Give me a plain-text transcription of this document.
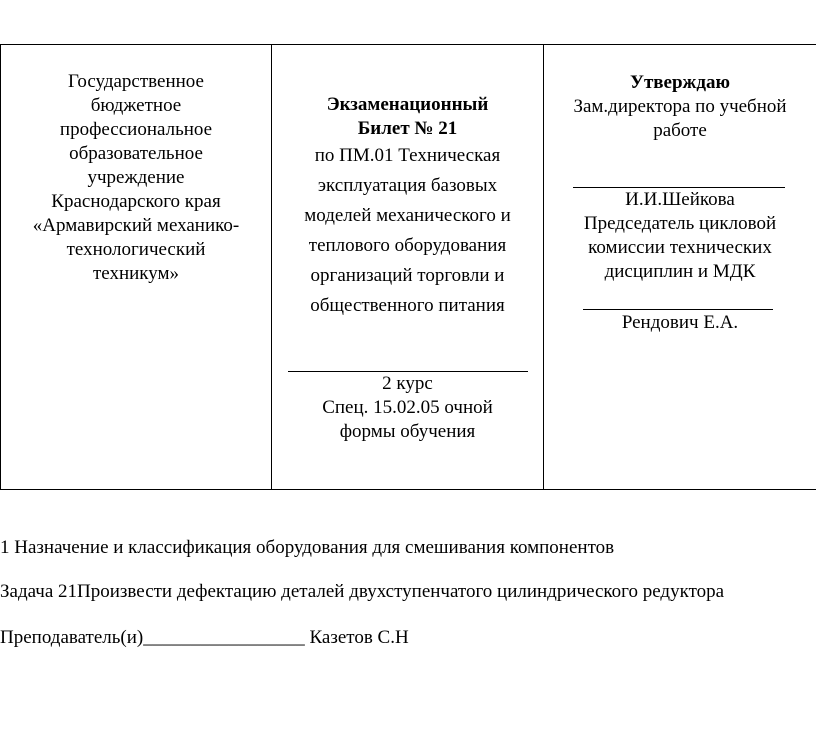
Государственное
бюджетное
профессиональное
образовательное
учреждение
Краснодарского края
«Армавирский механико-
технологический
техникум»
Экзаменационный
Билет № 21
по ПМ.01 Техническая
эксплуатация базовых
моделей механического и
теплового оборудования
организаций торговли и
общественного питания
2 курс
Спец. 15.02.05 очной
формы обучения
Утверждаю
Зам.директора по учебной
работе
И.И.Шейкова
Председатель цикловой
комиссии технических
дисциплин и МДК
Рендович Е.А.
1 Назначение и классификация оборудования для смешивания компонентов
Задача 21Произвести дефектацию деталей двухступенчатого цилиндрического редуктора
Преподаватель(и)_________________ Казетов С.Н
